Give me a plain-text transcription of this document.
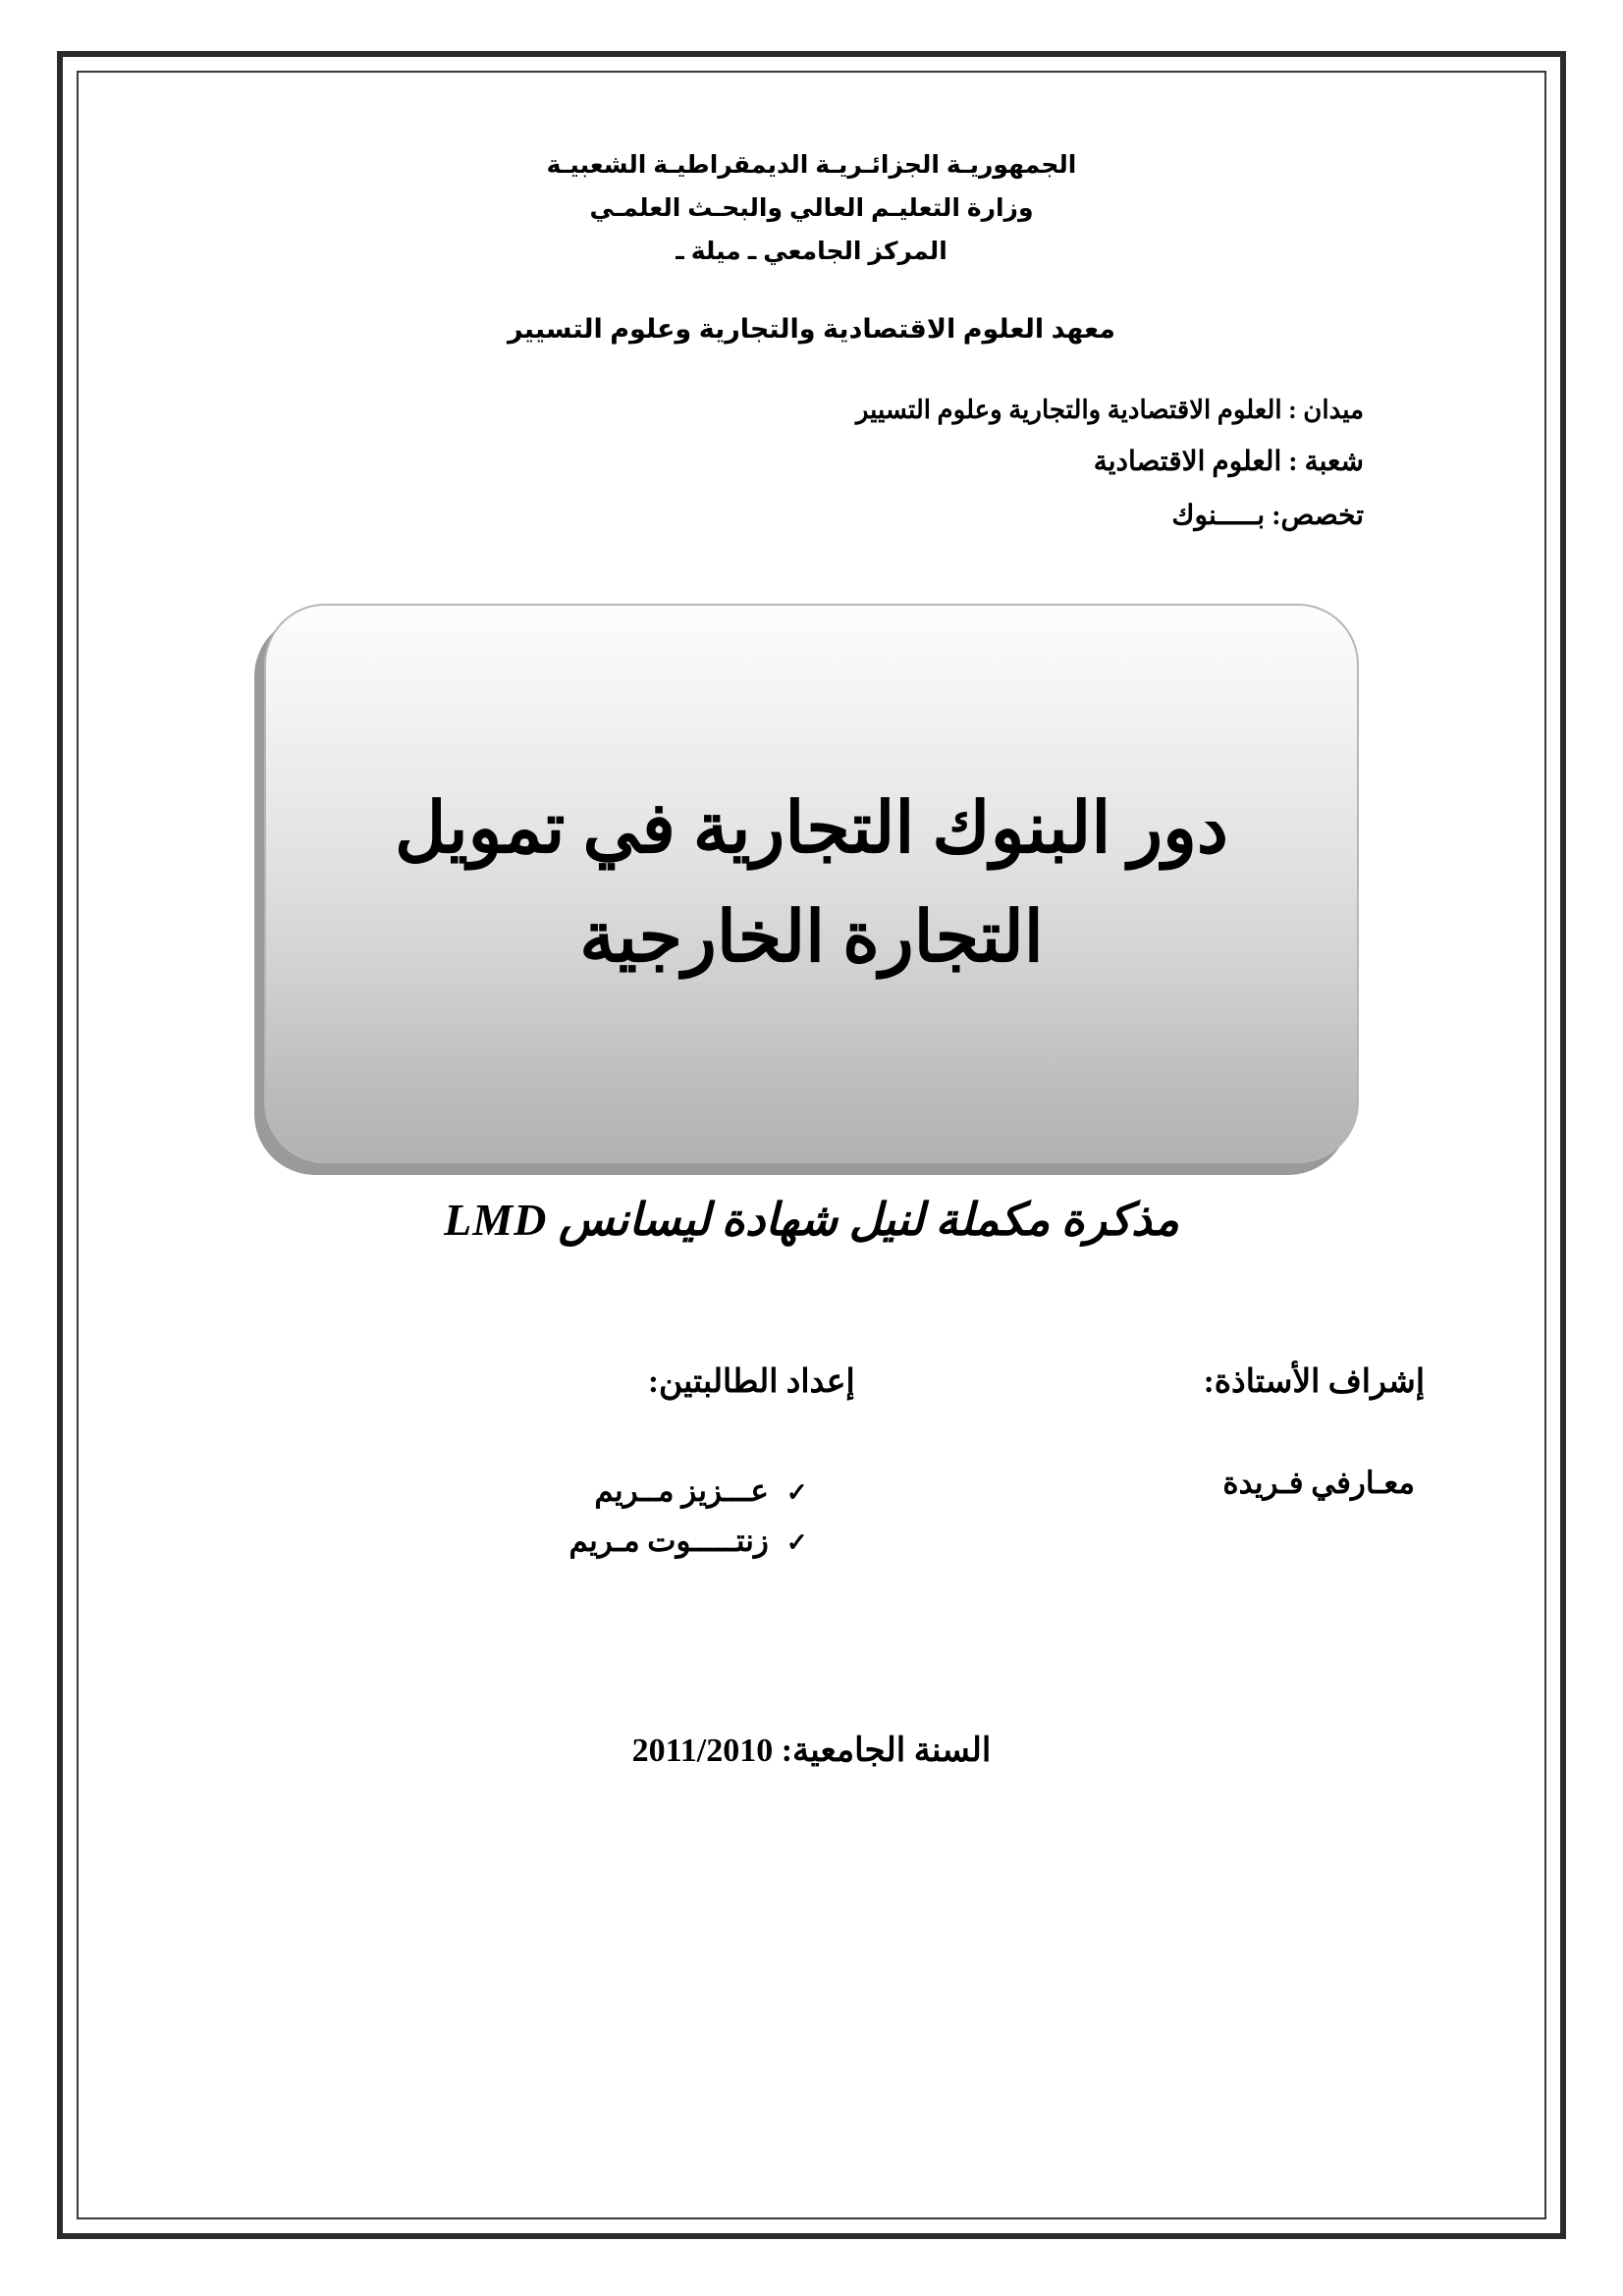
الجمهوريـة الجزائـريـة الديمقراطيـة الشعبيـة
وزارة التعليـم العالي والبحـث العلمـي
المركز الجامعي ـ ميلة ـ
معهد العلوم الاقتصادية والتجارية وعلوم التسيير
ميدان : العلوم الاقتصادية والتجارية وعلوم التسيير
شعبة : العلوم الاقتصادية
تخصص: بـــــنوك
دور البنوك التجارية في تمويل التجارة الخارجية
مذكرة مكملة لنيل شهادة ليسانس LMD
إشراف الأستاذة:
معـارفي فـريدة
إعداد الطالبتين:
✓
عـــزيز مــريم
✓
زنتـــــوت مـريم
السنة الجامعية: 2011/2010
